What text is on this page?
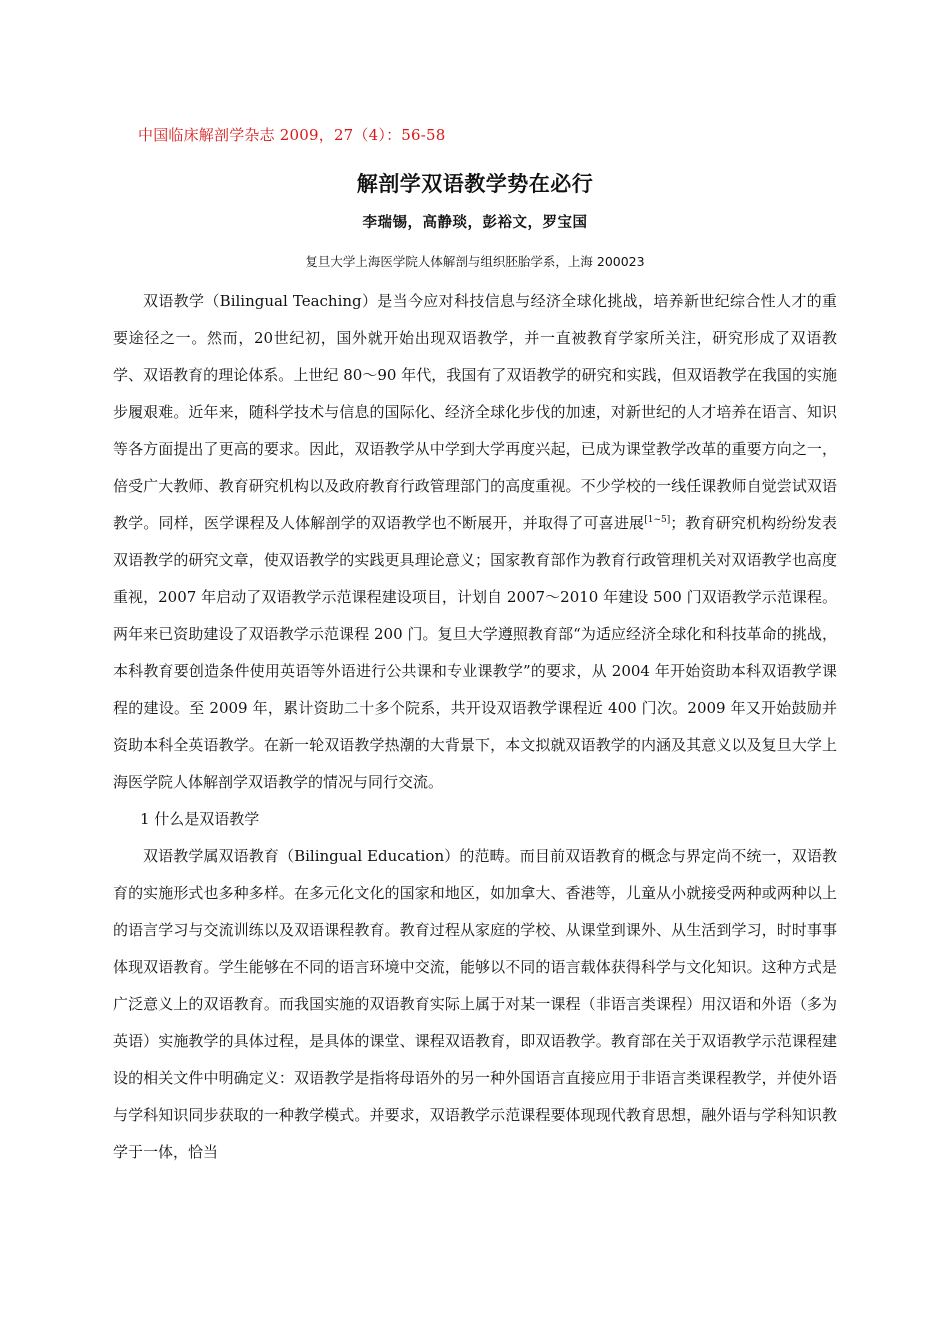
中国临床解剖学杂志 2009，27（4）：56-58
解剖学双语教学势在必行
李瑞锡，高静琰，彭裕文，罗宝国
复旦大学上海医学院人体解剖与组织胚胎学系，上海 200023

双语教学（Bilingual Teaching）是当今应对科技信息与经济全球化挑战，培养新世纪综合性人才的重要途径之一。然而，20世纪初，国外就开始出现双语教学，并一直被教育学家所关注，研究形成了双语教学、双语教育的理论体系。上世纪 80～90 年代，我国有了双语教学的研究和实践，但双语教学在我国的实施步履艰难。近年来，随科学技术与信息的国际化、经济全球化步伐的加速，对新世纪的人才培养在语言、知识等各方面提出了更高的要求。因此，双语教学从中学到大学再度兴起，已成为课堂教学改革的重要方向之一，倍受广大教师、教育研究机构以及政府教育行政管理部门的高度重视。不少学校的一线任课教师自觉尝试双语教学。同样，医学课程及人体解剖学的双语教学也不断展开，并取得了可喜进展[1~5]；教育研究机构纷纷发表双语教学的研究文章，使双语教学的实践更具理论意义；国家教育部作为教育行政管理机关对双语教学也高度重视，2007 年启动了双语教学示范课程建设项目，计划自 2007～2010 年建设 500 门双语教学示范课程。两年来已资助建设了双语教学示范课程 200 门。复旦大学遵照教育部“为适应经济全球化和科技革命的挑战，本科教育要创造条件使用英语等外语进行公共课和专业课教学”的要求，从 2004 年开始资助本科双语教学课程的建设。至 2009 年，累计资助二十多个院系，共开设双语教学课程近 400 门次。2009 年又开始鼓励并资助本科全英语教学。在新一轮双语教学热潮的大背景下，本文拟就双语教学的内涵及其意义以及复旦大学上海医学院人体解剖学双语教学的情况与同行交流。

1 什么是双语教学

双语教学属双语教育（Bilingual Education）的范畴。而目前双语教育的概念与界定尚不统一，双语教育的实施形式也多种多样。在多元化文化的国家和地区，如加拿大、香港等，儿童从小就接受两种或两种以上的语言学习与交流训练以及双语课程教育。教育过程从家庭的学校、从课堂到课外、从生活到学习，时时事事体现双语教育。学生能够在不同的语言环境中交流，能够以不同的语言载体获得科学与文化知识。这种方式是广泛意义上的双语教育。而我国实施的双语教育实际上属于对某一课程（非语言类课程）用汉语和外语（多为英语）实施教学的具体过程，是具体的课堂、课程双语教育，即双语教学。教育部在关于双语教学示范课程建设的相关文件中明确定义：双语教学是指将母语外的另一种外国语言直接应用于非语言类课程教学，并使外语与学科知识同步获取的一种教学模式。并要求，双语教学示范课程要体现现代教育思想，融外语与学科知识教学于一体，恰当
